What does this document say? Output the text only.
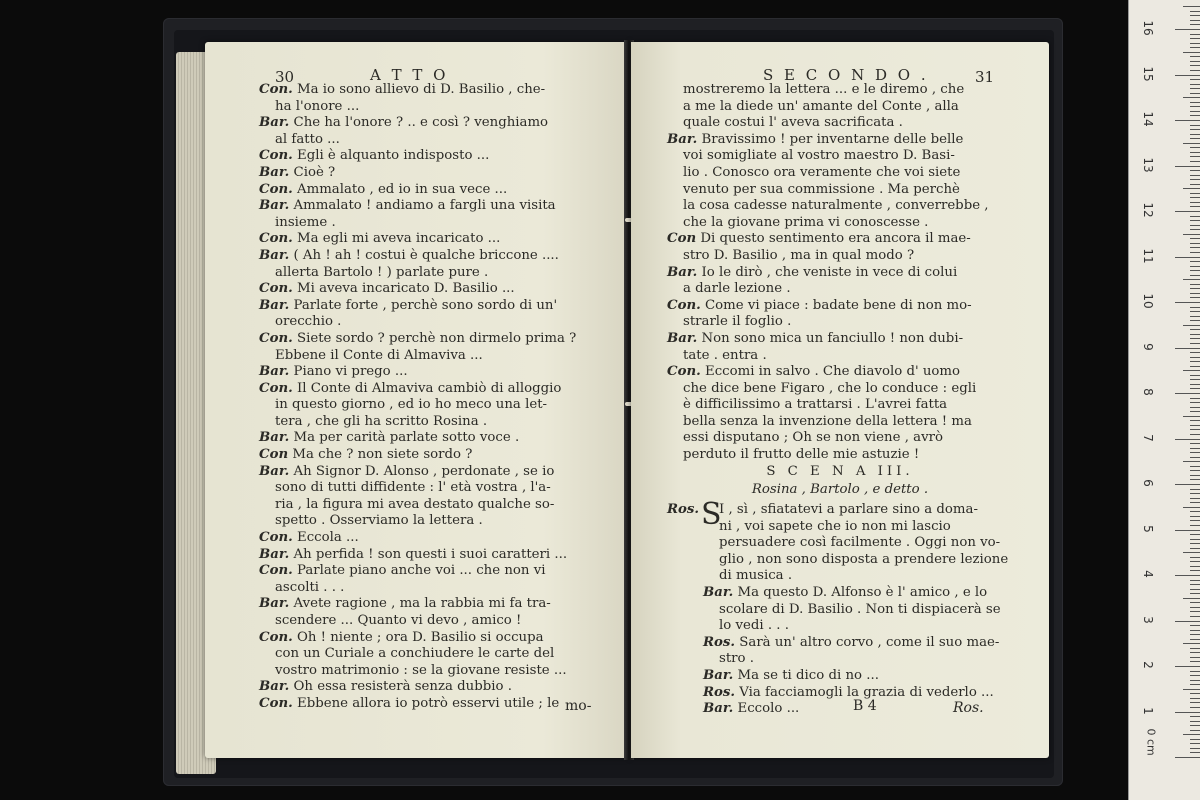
30	A T T O
Con. Ma io sono allievo di D. Basilio , che-
ha l'onore ...
Bar. Che ha l'onore ? .. e così ? venghiamo
al fatto ...
Con. Egli è alquanto indisposto ...
Bar. Cioè ?
Con. Ammalato , ed io in sua vece ...
Bar. Ammalato ! andiamo a fargli una visita
insieme .
Con. Ma egli mi aveva incaricato ...
Bar. ( Ah ! ah ! costui è qualche briccone ....
allerta Bartolo ! ) parlate pure .
Con. Mi aveva incaricato D. Basilio ...
Bar. Parlate forte , perchè sono sordo di un'
orecchio .
Con. Siete sordo ? perchè non dirmelo prima ?
Ebbene il Conte di Almaviva ...
Bar. Piano vi prego ...
Con. Il Conte di Almaviva cambiò di alloggio
in questo giorno , ed io ho meco una let-
tera , che gli ha scritto Rosina .
Bar. Ma per carità parlate sotto voce .
Con Ma che ? non siete sordo ?
Bar. Ah Signor D. Alonso , perdonate , se io
sono di tutti diffidente : l' età vostra , l'a-
ria , la figura mi avea destato qualche so-
spetto . Osserviamo la lettera .
Con. Eccola ...
Bar. Ah perfida ! son questi i suoi caratteri ...
Con. Parlate piano anche voi ... che non vi
ascolti . . .
Bar. Avete ragione , ma la rabbia mi fa tra-
scendere ... Quanto vi devo , amico !
Con. Oh ! niente ; ora D. Basilio si occupa
con un Curiale a conchiudere le carte del
vostro matrimonio : se la giovane resiste ...
Bar. Oh essa resisterà senza dubbio .
Con. Ebbene allora io potrò esservi utile ; le mo-
S E C O N D O .	31
mostreremo la lettera ... e le diremo , che
a me la diede un' amante del Conte , alla
quale costui l' aveva sacrificata .
Bar. Bravissimo ! per inventarne delle belle
voi somigliate al vostro maestro D. Basi-
lio . Conosco ora veramente che voi siete
venuto per sua commissione . Ma perchè
la cosa cadesse naturalmente , converrebbe ,
che la giovane prima vi conoscesse .
Con Di questo sentimento era ancora il mae-
stro D. Basilio , ma in qual modo ?
Bar. Io le dirò , che veniste in vece di colui
a darle lezione .
Con. Come vi piace : badate bene di non mo-
strarle il foglio .
Bar. Non sono mica un fanciullo ! non dubi-
tate . entra .
Con. Eccomi in salvo . Che diavolo d' uomo
che dice bene Figaro , che lo conduce : egli
è difficilissimo a trattarsi . L'avrei fatta
bella senza la invenzione della lettera ! ma
essi disputano ; Oh se non viene , avrò
perduto il frutto delle mie astuzie !
S C E N A III.
Rosina , Bartolo , e detto .
Ros. S
I , sì , sfiatatevi a parlare sino a doma-
ni , voi sapete che io non mi lascio
persuadere così facilmente . Oggi non vo-
glio , non sono disposta a prendere lezione
di musica .
Bar. Ma questo D. Alfonso è l' amico , e lo
scolare di D. Basilio . Non ti dispiacerà se
lo vedi . . .
Ros. Sarà un' altro corvo , come il suo mae-
stro .
Bar. Ma se ti dico di no ...
Ros. Via facciamogli la grazia di vederlo ...
Bar. Eccolo ...	B 4	Ros.
0 cm
1
2
3
4
5
6
7
8
9
10
11
12
13
14
15
16
